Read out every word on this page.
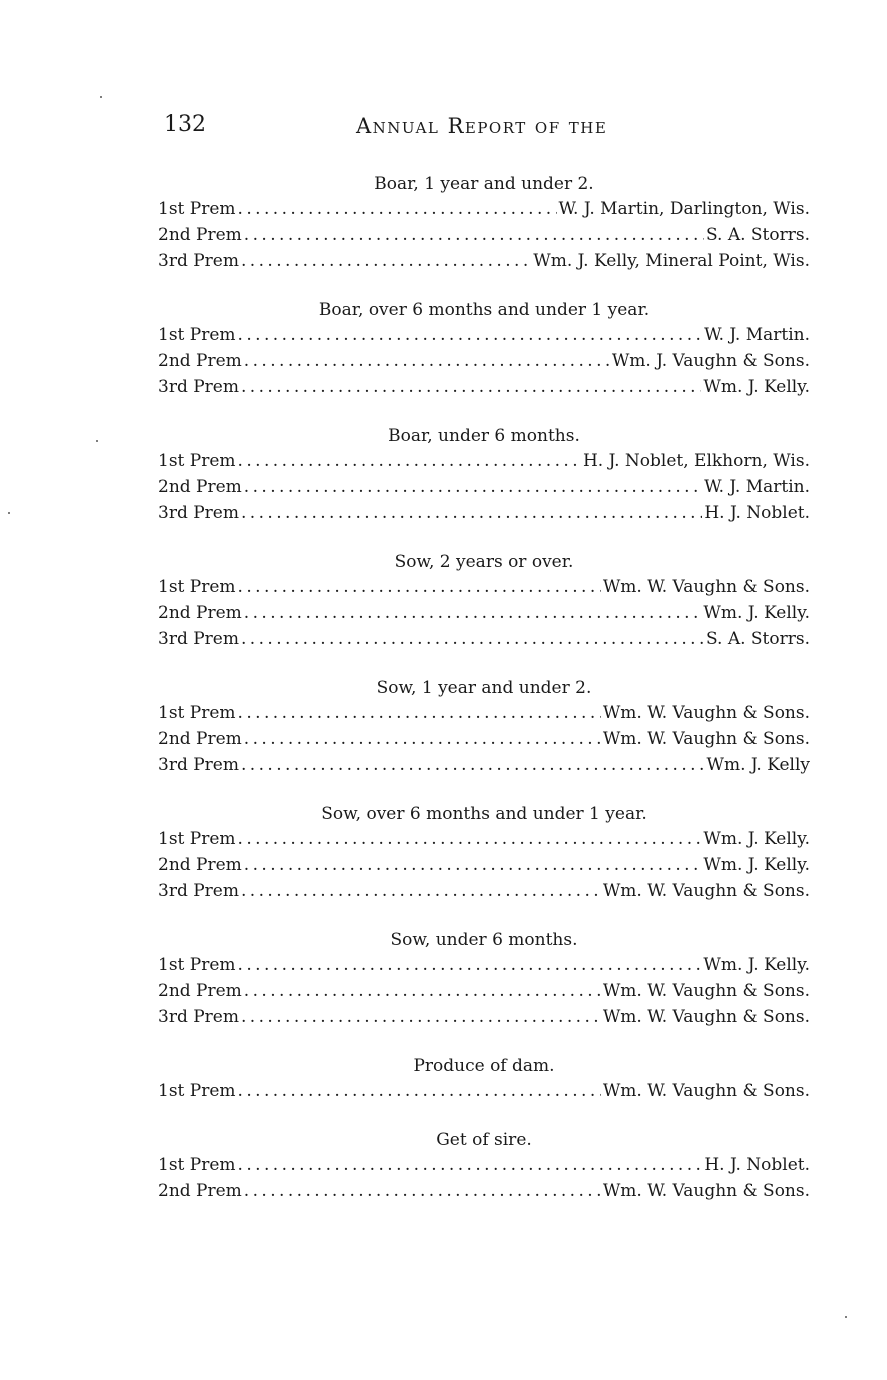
132	Annual Report of the
Boar, 1 year and under 2.
1st Prem . . .	W. J. Martin, Darlington, Wis.
2nd Prem . . .	S. A. Storrs.
3rd Prem . . .	Wm. J. Kelly, Mineral Point, Wis.
Boar, over 6 months and under 1 year.
1st Prem . . .	W. J. Martin.
2nd Prem . . .	Wm. J. Vaughn & Sons.
3rd Prem . . .	Wm. J. Kelly.
Boar, under 6 months.
1st Prem . . .	H. J. Noblet, Elkhorn, Wis.
2nd Prem . . .	W. J. Martin.
3rd Prem . . .	H. J. Noblet.
Sow, 2 years or over.
1st Prem . . .	Wm. W. Vaughn & Sons.
2nd Prem . . .	Wm. J. Kelly.
3rd Prem . . .	S. A. Storrs.
Sow, 1 year and under 2.
1st Prem . . .	Wm. W. Vaughn & Sons.
2nd Prem . . .	Wm. W. Vaughn & Sons.
3rd Prem . . .	Wm. J. Kelly
Sow, over 6 months and under 1 year.
1st Prem . . .	Wm. J. Kelly.
2nd Prem . . .	Wm. J. Kelly.
3rd Prem . . .	Wm. W. Vaughn & Sons.
Sow, under 6 months.
1st Prem . . .	Wm. J. Kelly.
2nd Prem . . .	Wm. W. Vaughn & Sons.
3rd Prem . . .	Wm. W. Vaughn & Sons.
Produce of dam.
1st Prem . . .	Wm. W. Vaughn & Sons.
Get of sire.
1st Prem . . .	H. J. Noblet.
2nd Prem . . .	Wm. W. Vaughn & Sons.
